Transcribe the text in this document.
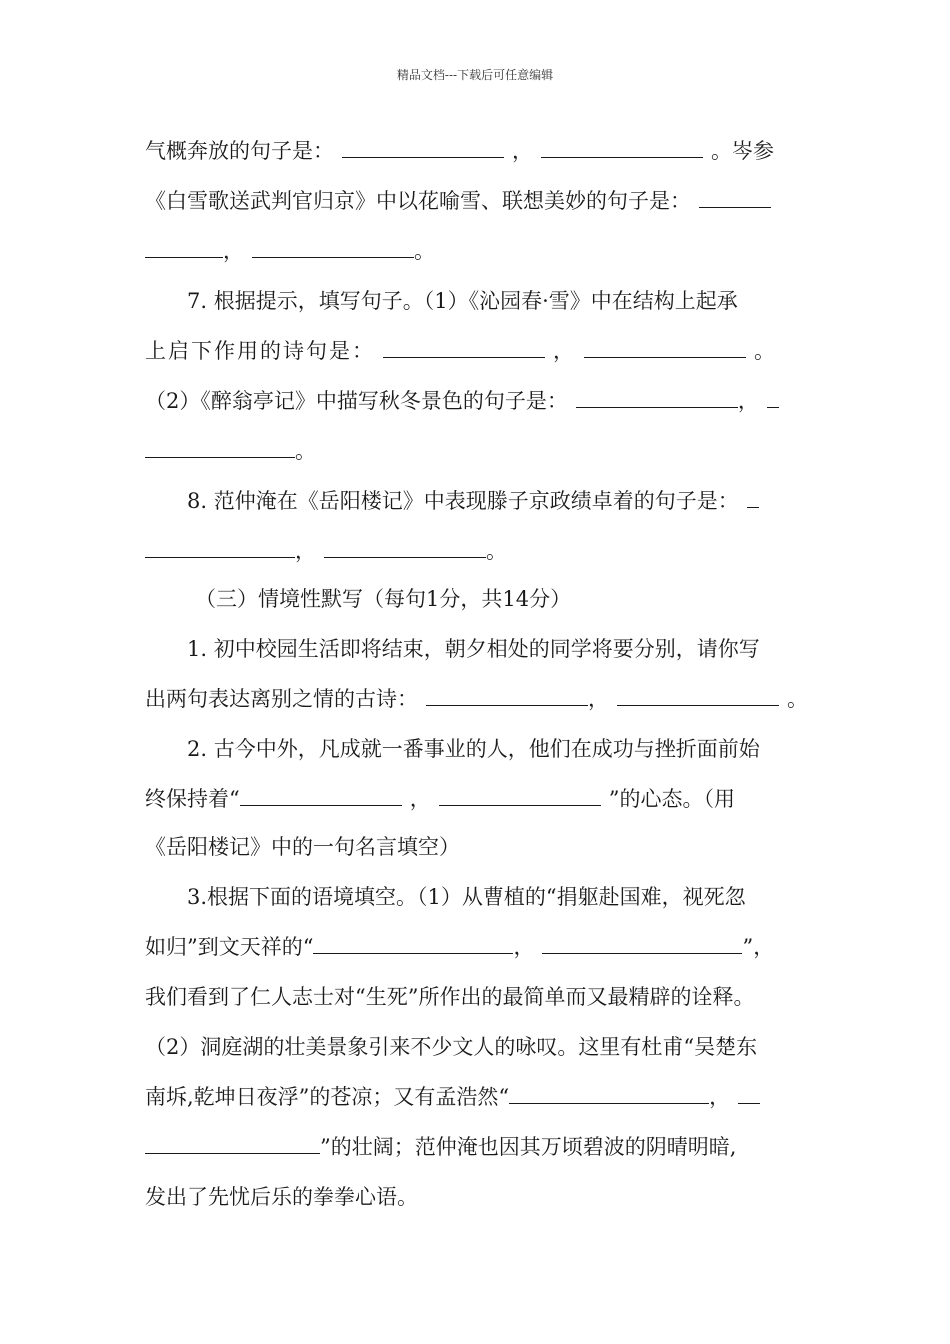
精品文档---下载后可任意编辑
气概奔放的句子是：	，	。岑参
《白雪歌送武判官归京》中以花喻雪、联想美妙的句子是：
，	。
7. 根据提示，填写句子。（1）《沁园春·雪》中在结构上起承
上启下作用的诗句是：	，	。
（2）《醉翁亭记》中描写秋冬景色的句子是：	，
。
8. 范仲淹在《岳阳楼记》中表现滕子京政绩卓着的句子是：
，	。
（三）情境性默写（每句1分，共14分）
1. 初中校园生活即将结束，朝夕相处的同学将要分别，请你写
出两句表达离别之情的古诗：	，	。
2. 古今中外，凡成就一番事业的人，他们在成功与挫折面前始
终保持着“	，	”的心态。（用
《岳阳楼记》中的一句名言填空）
3.根据下面的语境填空。（1）从曹植的“捐躯赴国难，视死忽
如归”到文天祥的“	，	”，
我们看到了仁人志士对“生死”所作出的最简单而又最精辟的诠释。
（2）洞庭湖的壮美景象引来不少文人的咏叹。这里有杜甫“吴楚东
南坼,乾坤日夜浮”的苍凉；又有孟浩然“	，
”的壮阔；范仲淹也因其万顷碧波的阴晴明暗,
发出了先忧后乐的拳拳心语。
